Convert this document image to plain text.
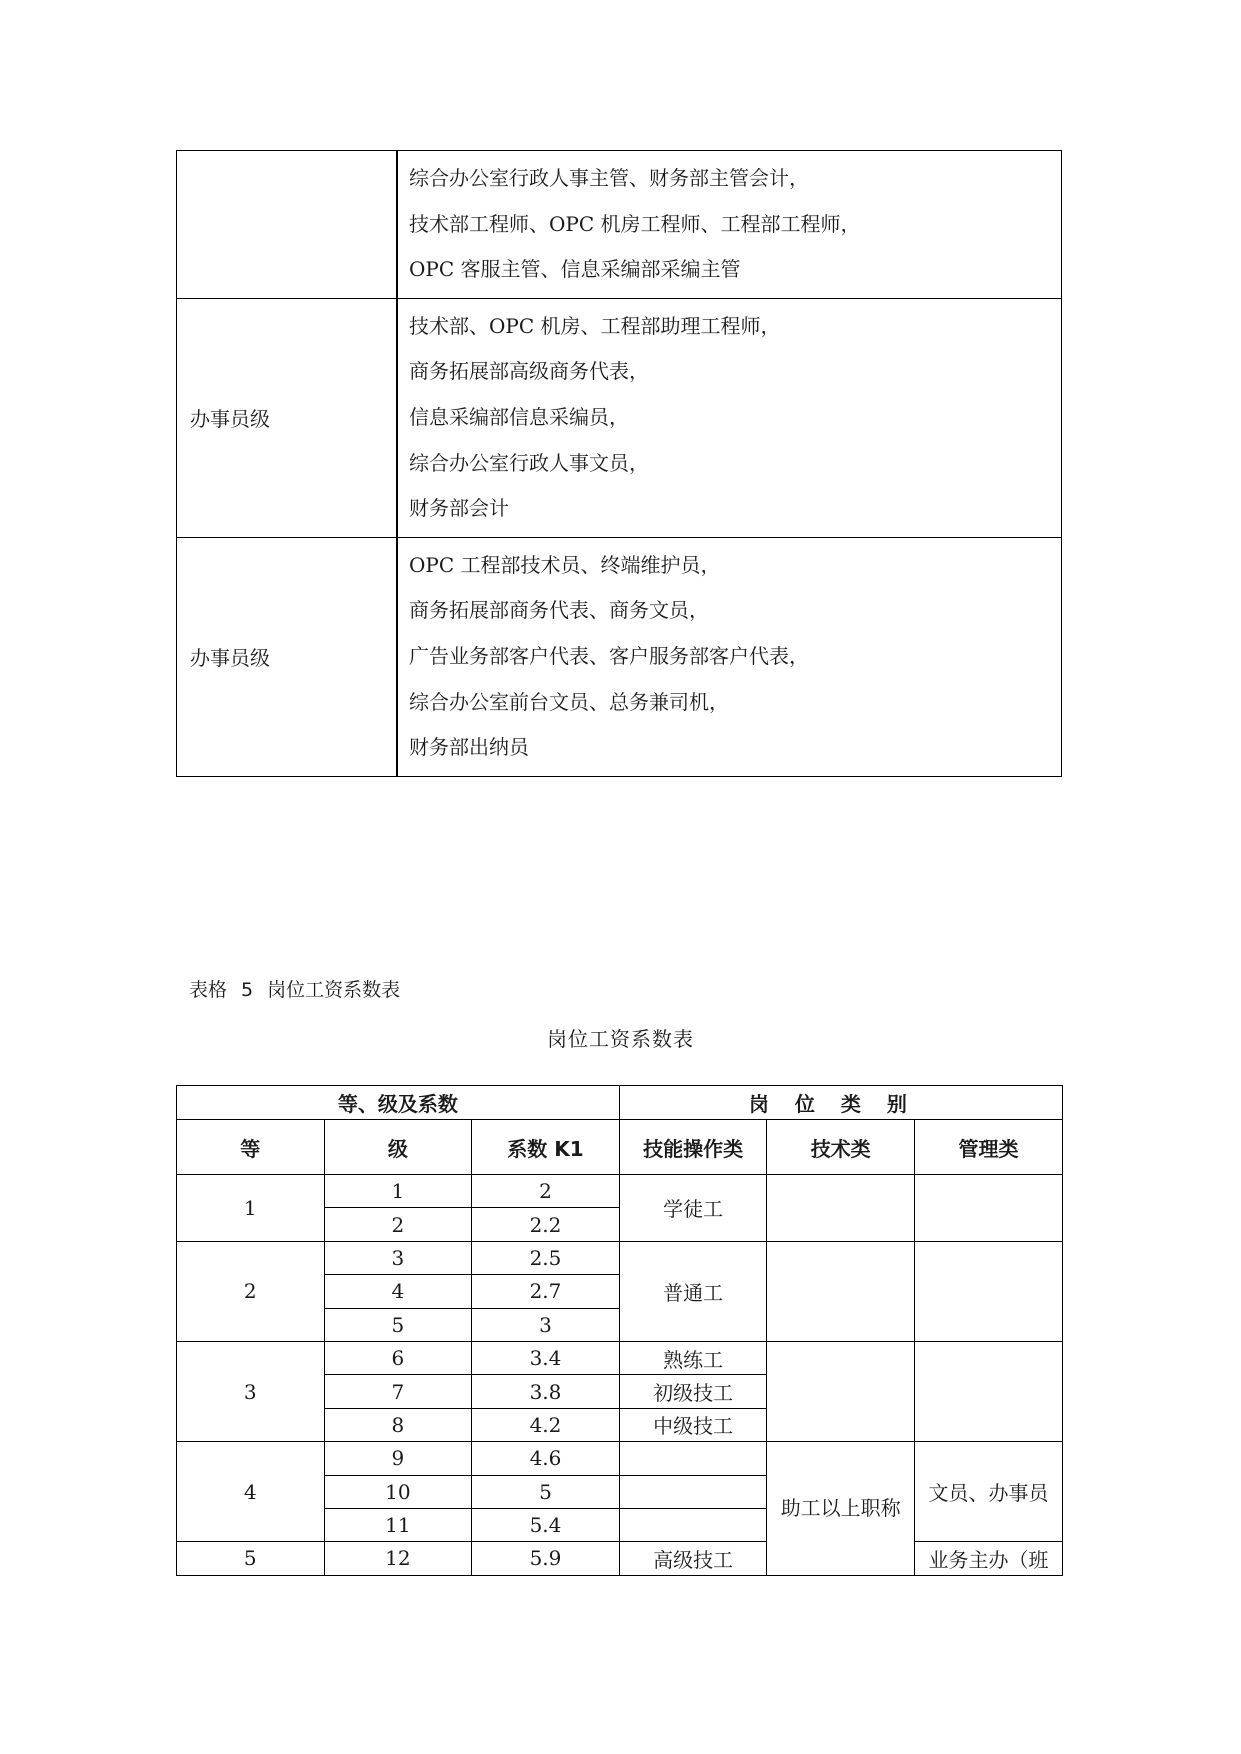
	综合办公室行政人事主管、财务部主管会计，
技术部工程师、OPC 机房工程师、工程部工程师，
OPC 客服主管、信息采编部采编主管

办事员级	技术部、OPC 机房、工程部助理工程师，
商务拓展部高级商务代表，
信息采编部信息采编员，
综合办公室行政人事文员，
财务部会计

办事员级	OPC 工程部技术员、终端维护员，
商务拓展部商务代表、商务文员，
广告业务部客户代表、客户服务部客户代表，
综合办公室前台文员、总务兼司机，
财务部出纳员
表格 5 岗位工资系数表
岗位工资系数表
等、级及系数			岗位类别		
等	级	系数 K1	技能操作类	技术类	管理类
1	1	2	学徒工		
	2	2.2			
2	3	2.5	普通工		
	4	2.7			
	5	3			
3	6	3.4	熟练工		
	7	3.8	初级技工		
	8	4.2	中级技工		
4	9	4.6		助工以上职称	文员、办事员
	10	5			
	11	5.4			
5	12	5.9	高级技工		业务主办（班
